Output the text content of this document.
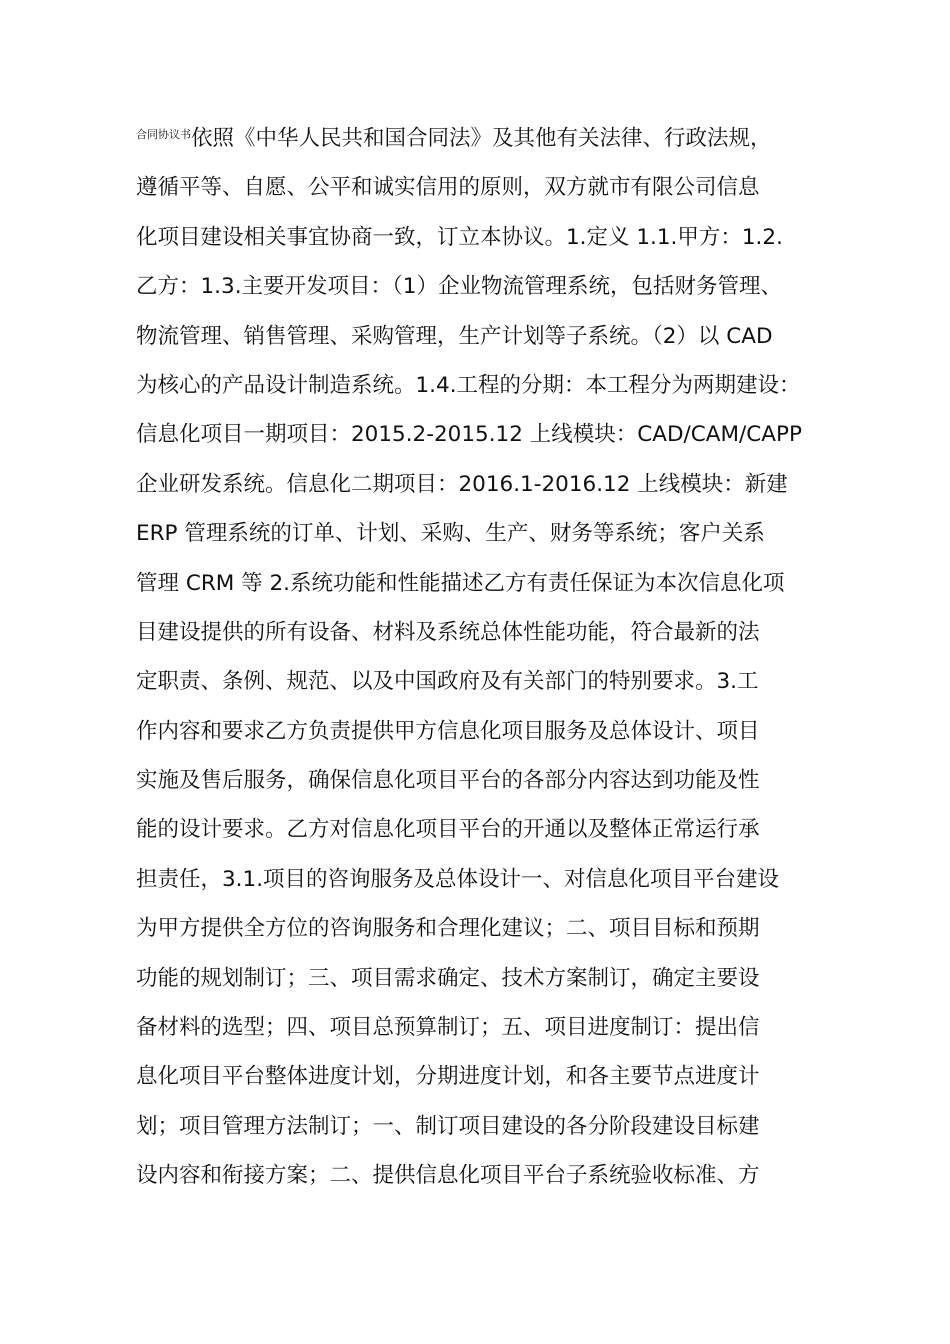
$^{合同协议书}$依照《中华人民共和国合同法》及其他有关法律、行政法规，
遵循平等、自愿、公平和诚实信用的原则，双方就市有限公司信息
化项目建设相关事宜协商一致，订立本协议。1.定义 1.1.甲方：1.2.
乙方：1.3.主要开发项目：（1）企业物流管理系统，包括财务管理、
物流管理、销售管理、采购管理，生产计划等子系统。（2）以 CAD
为核心的产品设计制造系统。1.4.工程的分期：本工程分为两期建设：
信息化项目一期项目：2015.2-2015.12 上线模块：CAD/CAM/CAPP
企业研发系统。信息化二期项目：2016.1-2016.12 上线模块：新建
ERP 管理系统的订单、计划、采购、生产、财务等系统；客户关系
管理 CRM 等 2.系统功能和性能描述乙方有责任保证为本次信息化项
目建设提供的所有设备、材料及系统总体性能功能，符合最新的法
定职责、条例、规范、以及中国政府及有关部门的特别要求。3.工
作内容和要求乙方负责提供甲方信息化项目服务及总体设计、项目
实施及售后服务，确保信息化项目平台的各部分内容达到功能及性
能的设计要求。乙方对信息化项目平台的开通以及整体正常运行承
担责任，3.1.项目的咨询服务及总体设计一、对信息化项目平台建设
为甲方提供全方位的咨询服务和合理化建议；二、项目目标和预期
功能的规划制订；三、项目需求确定、技术方案制订，确定主要设
备材料的选型；四、项目总预算制订；五、项目进度制订：提出信
息化项目平台整体进度计划，分期进度计划，和各主要节点进度计
划；项目管理方法制订；一、制订项目建设的各分阶段建设目标建
设内容和衔接方案；二、提供信息化项目平台子系统验收标准、方
